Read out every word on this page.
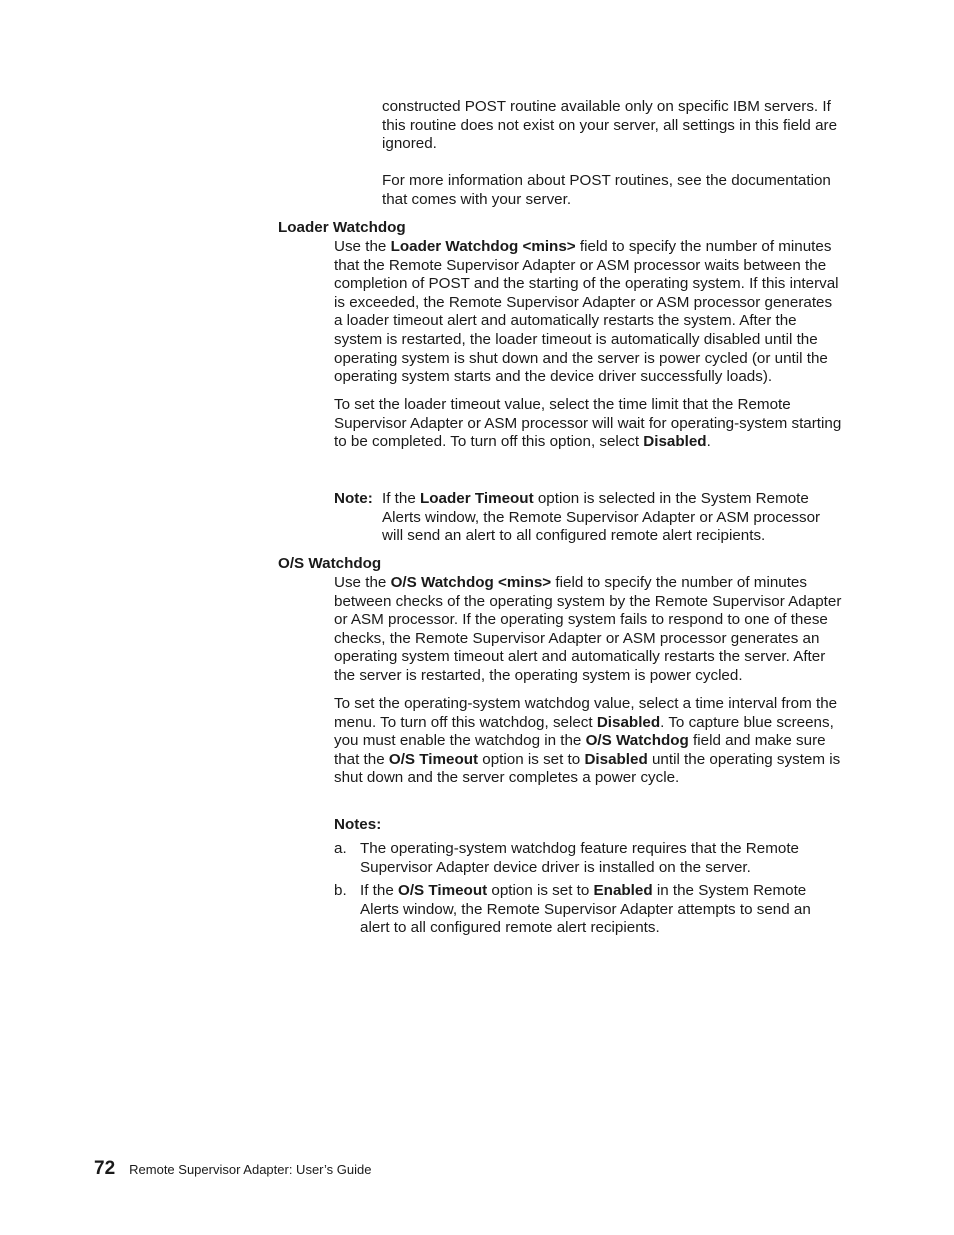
constructed POST routine available only on specific IBM servers. If this routine does not exist on your server, all settings in this field are ignored.

For more information about POST routines, see the documentation that comes with your server.

Loader Watchdog

Use the Loader Watchdog <mins> field to specify the number of minutes that the Remote Supervisor Adapter or ASM processor waits between the completion of POST and the starting of the operating system. If this interval is exceeded, the Remote Supervisor Adapter or ASM processor generates a loader timeout alert and automatically restarts the system. After the system is restarted, the loader timeout is automatically disabled until the operating system is shut down and the server is power cycled (or until the operating system starts and the device driver successfully loads).

To set the loader timeout value, select the time limit that the Remote Supervisor Adapter or ASM processor will wait for operating-system starting to be completed. To turn off this option, select Disabled.

Note: If the Loader Timeout option is selected in the System Remote Alerts window, the Remote Supervisor Adapter or ASM processor will send an alert to all configured remote alert recipients.
O/S Watchdog

Use the O/S Watchdog <mins> field to specify the number of minutes between checks of the operating system by the Remote Supervisor Adapter or ASM processor. If the operating system fails to respond to one of these checks, the Remote Supervisor Adapter or ASM processor generates an operating system timeout alert and automatically restarts the server. After the server is restarted, the operating system is power cycled.

To set the operating-system watchdog value, select a time interval from the menu. To turn off this watchdog, select Disabled. To capture blue screens, you must enable the watchdog in the O/S Watchdog field and make sure that the O/S Timeout option is set to Disabled until the operating system is shut down and the server completes a power cycle.

Notes:
a. The operating-system watchdog feature requires that the Remote Supervisor Adapter device driver is installed on the server.
b. If the O/S Timeout option is set to Enabled in the System Remote Alerts window, the Remote Supervisor Adapter attempts to send an alert to all configured remote alert recipients.
72 Remote Supervisor Adapter: User’s Guide
